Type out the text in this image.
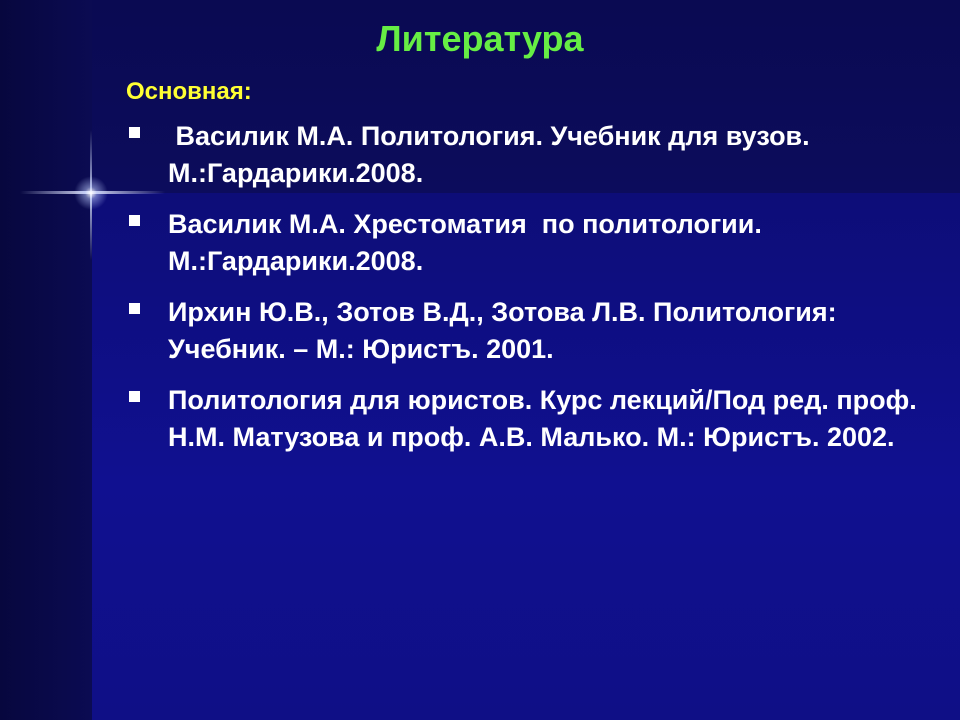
Литература
Основная:
Василик М.А. Политология. Учебник для вузов. М.:Гардарики.2008.
Василик М.А. Хрестоматия  по политологии. М.:Гардарики.2008.
Ирхин Ю.В., Зотов В.Д., Зотова Л.В. Политология: Учебник. – М.: Юристъ. 2001.
Политология для юристов. Курс лекций/Под ред. проф. Н.М. Матузова и проф. А.В. Малько. М.: Юристъ. 2002.
